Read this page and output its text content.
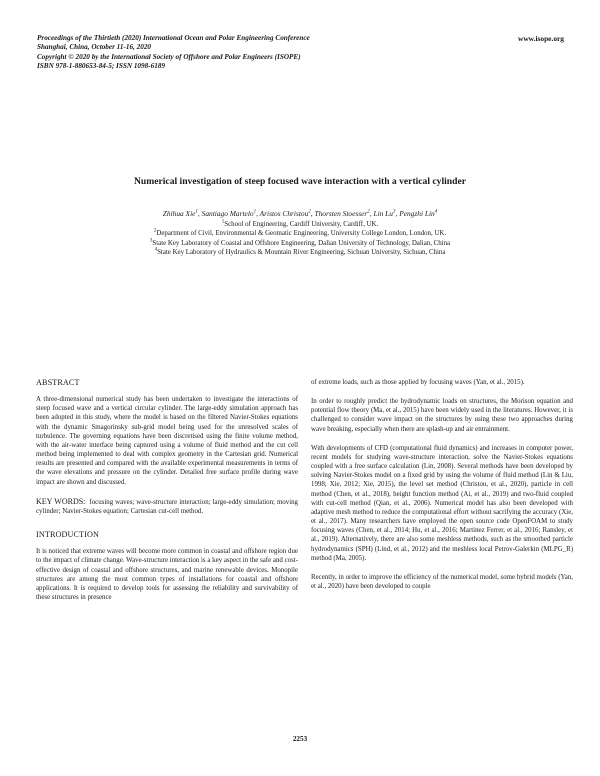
Proceedings of the Thirtieth (2020) International Ocean and Polar Engineering Conference
Shanghai, China, October 11-16, 2020
Copyright © 2020 by the International Society of Offshore and Polar Engineers (ISOPE)
ISBN 978-1-880653-84-5; ISSN 1098-6189
www.isope.org
Numerical investigation of steep focused wave interaction with a vertical cylinder
Zhihua Xie$^1$, Santiago Martelo$^1$, Aristos Christou$^2$, Thorsten Stoesser$^2$, Lin Lu$^3$, Pengzhi Lin$^4$
$^1$School of Engineering, Cardiff University, Cardiff, UK.
$^2$Department of Civil, Environmental & Geomatic Engineering, University College London, London, UK.
$^3$State Key Laboratory of Coastal and Offshore Engineering, Dalian University of Technology, Dalian, China
$^4$State Key Laboratory of Hydraulics & Mountain River Engineering, Sichuan University, Sichuan, China
ABSTRACT

A three-dimensional numerical study has been undertaken to investigate the interactions of steep focused wave and a vertical circular cylinder. The large-eddy simulation approach has been adopted in this study, where the model is based on the filtered Navier-Stokes equations with the dynamic Smagorinsky sub-grid model being used for the unresolved scales of turbulence. The governing equations have been discretised using the finite volume method, with the air-water interface being captured using a volume of fluid method and the cut cell method being implemented to deal with complex geometry in the Cartesian grid. Numerical results are presented and compared with the available experimental measurements in terms of the wave elevations and pressure on the cylinder. Detailed free surface profile during wave impact are shown and discussed.

KEY WORDS: focusing waves; wave-structure interaction; large-eddy simulation; moving cylinder; Navier-Stokes equation; Cartesian cut-cell method.

INTRODUCTION

It is noticed that extreme waves will become more common in coastal and offshore region due to the impact of climate change. Wave-structure interaction is a key aspect in the safe and cost-effective design of coastal and offshore structures, and marine renewable devices. Monopile structures are among the most common types of installations for coastal and offshore applications. It is required to develop tools for assessing the reliability and survivability of these structures in presence

of extreme loads, such as those applied by focusing waves (Yan, et al., 2015).

In order to roughly predict the hydrodynamic loads on structures, the Morison equation and potential flow theory (Ma, et al., 2015) have been widely used in the literatures. However, it is challenged to consider wave impact on the structures by using these two approaches during wave breaking, especially when there are splash-up and air entrainment.

With developments of CFD (computational fluid dynamics) and increases in computer power, recent models for studying wave-structure interaction, solve the Navier-Stokes equations coupled with a free surface calculation (Lin, 2008). Several methods have been developed by solving Navier-Stokes model on a fixed grid by using the volume of fluid method (Lin & Liu, 1998; Xie, 2012; Xie, 2015), the level set method (Christou, et al., 2020), particle in cell method (Chen, et al., 2018), height function method (Ai, et al., 2019) and two-fluid coupled with cut-cell method (Qian, et al., 2006). Numerical model has also been developed with adaptive mesh method to reduce the computational effort without sacrifying the accuracy (Xie, et al., 2017). Many researchers have employed the open source code OpenFOAM to study focusing waves (Chen, et al., 2014; Hu, et al., 2016; Martinez Ferrer, et al., 2016; Ransley, et al., 2019). Alternatively, there are also some meshless methods, such as the smoothed particle hydrodynamics (SPH) (Lind, et al., 2012) and the meshless local Petrov-Galerkin (MLPG_R) method (Ma, 2005).

Recently, in order to improve the efficiency of the numerical model, some hybrid models (Yan, et al., 2020) have been developed to couple

2253
